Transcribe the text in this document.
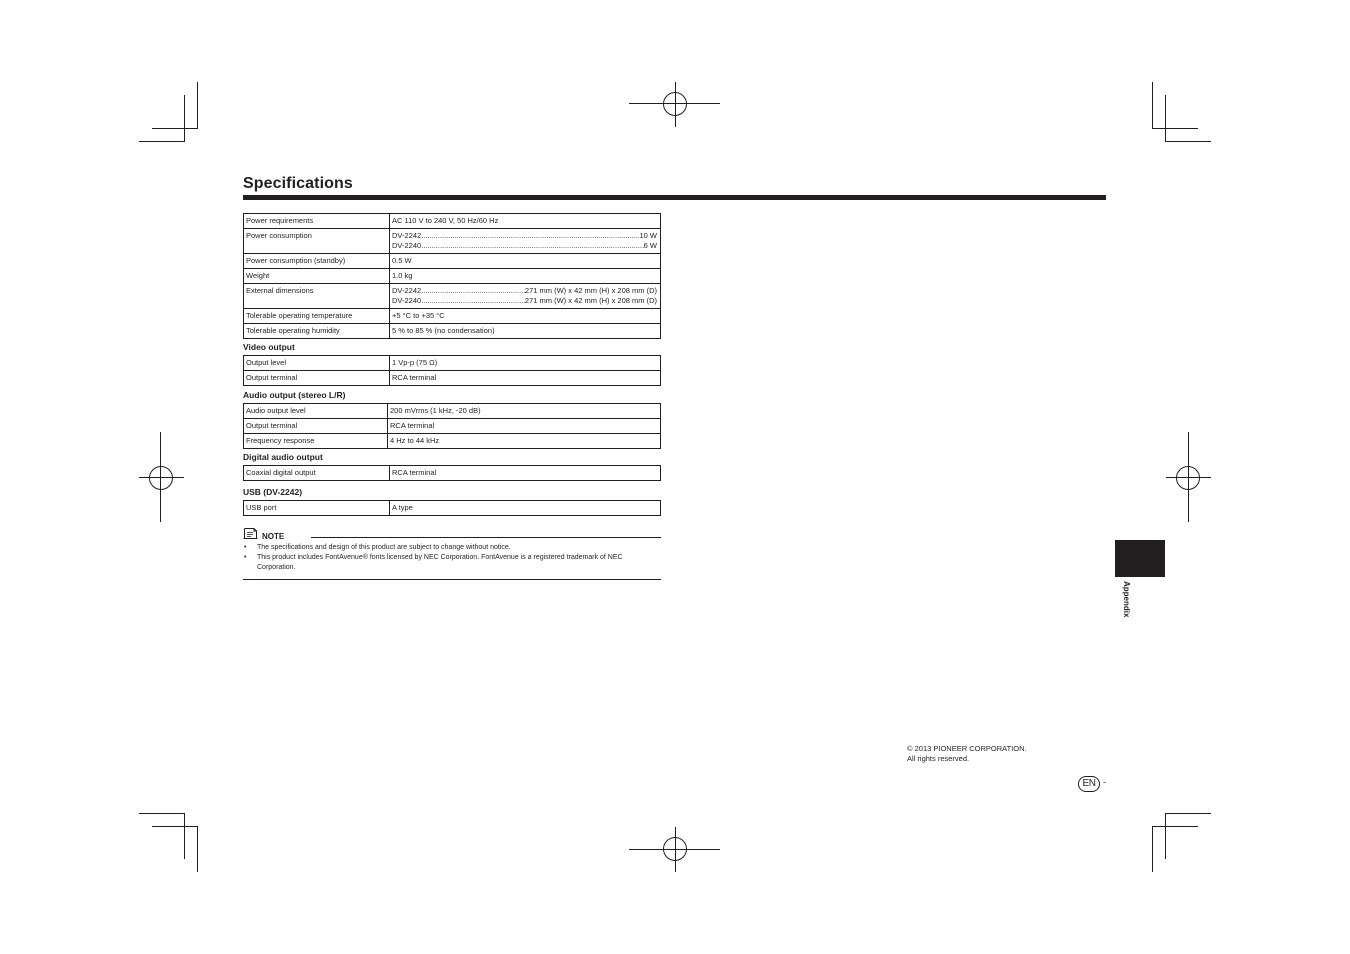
Specifications
Power requirements	AC 110 V to 240 V, 50 Hz/60 Hz
Power consumption	DV-2242 ..... 10 W
DV-2240 ..... 6 W

Power consumption (standby)	0.5 W
Weight	1.0 kg
External dimensions	DV-2242 ..... 271 mm (W) x 42 mm (H) x 208 mm (D)
DV-2240 ..... 271 mm (W) x 42 mm (H) x 208 mm (D)

Tolerable operating temperature	+5 °C to +35 °C
Tolerable operating humidity	5 % to 85 % (no condensation)
Video output
Output level	1 Vp-p (75 Ω)
Output terminal	RCA terminal
Audio output (stereo L/R)
Audio output level	200 mVrms (1 kHz, -20 dB)
Output terminal	RCA terminal
Frequency response	4 Hz to 44 kHz
Digital audio output
Coaxial digital output	RCA terminal
USB (DV-2242)
USB port	A type
NOTE
• The specifications and design of this product are subject to change without notice.
• This product includes FontAvenue® fonts licensed by NEC Corporation. FontAvenue is a registered trademark of NEC Corporation.
Appendix
© 2013 PIONEER CORPORATION.
All rights reserved.
EN -
